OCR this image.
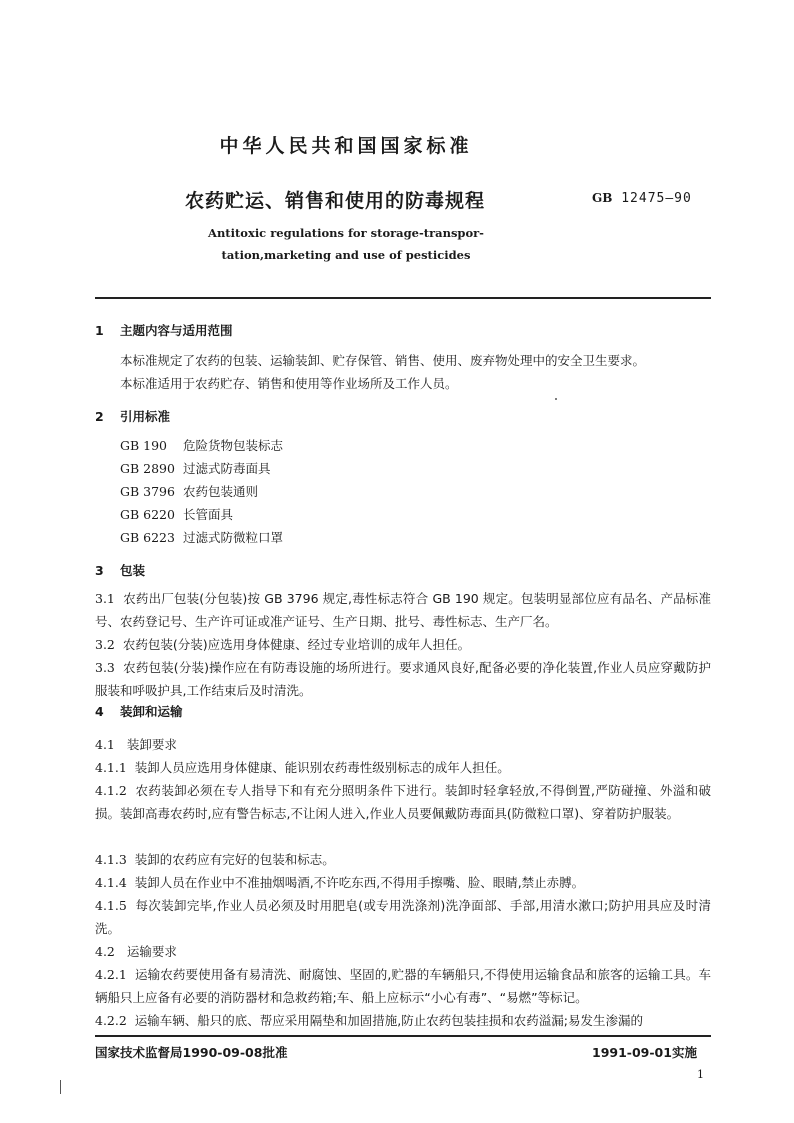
中华人民共和国国家标准
农药贮运、销售和使用的防毒规程	GB 12475—90
Antitoxic regulations for storage-transpor-
tation,marketing and use of pesticides
1 主题内容与适用范围
本标准规定了农药的包装、运输装卸、贮存保管、销售、使用、废弃物处理中的安全卫生要求。
本标准适用于农药贮存、销售和使用等作业场所及工作人员。
2 引用标准
GB 190 危险货物包装标志
GB 2890 过滤式防毒面具
GB 3796 农药包装通则
GB 6220 长管面具
GB 6223 过滤式防微粒口罩
3 包装
3.1 农药出厂包装(分包装)按 GB 3796 规定,毒性标志符合 GB 190 规定。包装明显部位应有品名、产品标准号、农药登记号、生产许可证或准产证号、生产日期、批号、毒性标志、生产厂名。
3.2 农药包装(分装)应选用身体健康、经过专业培训的成年人担任。
3.3 农药包装(分装)操作应在有防毒设施的场所进行。要求通风良好,配备必要的净化装置,作业人员应穿戴防护服装和呼吸护具,工作结束后及时清洗。
4 装卸和运输
4.1 装卸要求
4.1.1 装卸人员应选用身体健康、能识别农药毒性级别标志的成年人担任。
4.1.2 农药装卸必须在专人指导下和有充分照明条件下进行。装卸时轻拿轻放,不得倒置,严防碰撞、外溢和破损。装卸高毒农药时,应有警告标志,不让闲人进入,作业人员要佩戴防毒面具(防微粒口罩)、穿着防护服装。
4.1.3 装卸的农药应有完好的包装和标志。
4.1.4 装卸人员在作业中不准抽烟喝酒,不许吃东西,不得用手擦嘴、脸、眼睛,禁止赤膊。
4.1.5 每次装卸完毕,作业人员必须及时用肥皂(或专用洗涤剂)洗净面部、手部,用清水漱口;防护用具应及时清洗。
4.2 运输要求
4.2.1 运输农药要使用备有易清洗、耐腐蚀、坚固的,贮器的车辆船只,不得使用运输食品和旅客的运输工具。车辆船只上应备有必要的消防器材和急救药箱;车、船上应标示“小心有毒”、“易燃”等标记。
4.2.2 运输车辆、船只的底、帮应采用隔垫和加固措施,防止农药包装挂损和农药溢漏;易发生渗漏的
国家技术监督局1990-09-08批准	1991-09-01实施
1
